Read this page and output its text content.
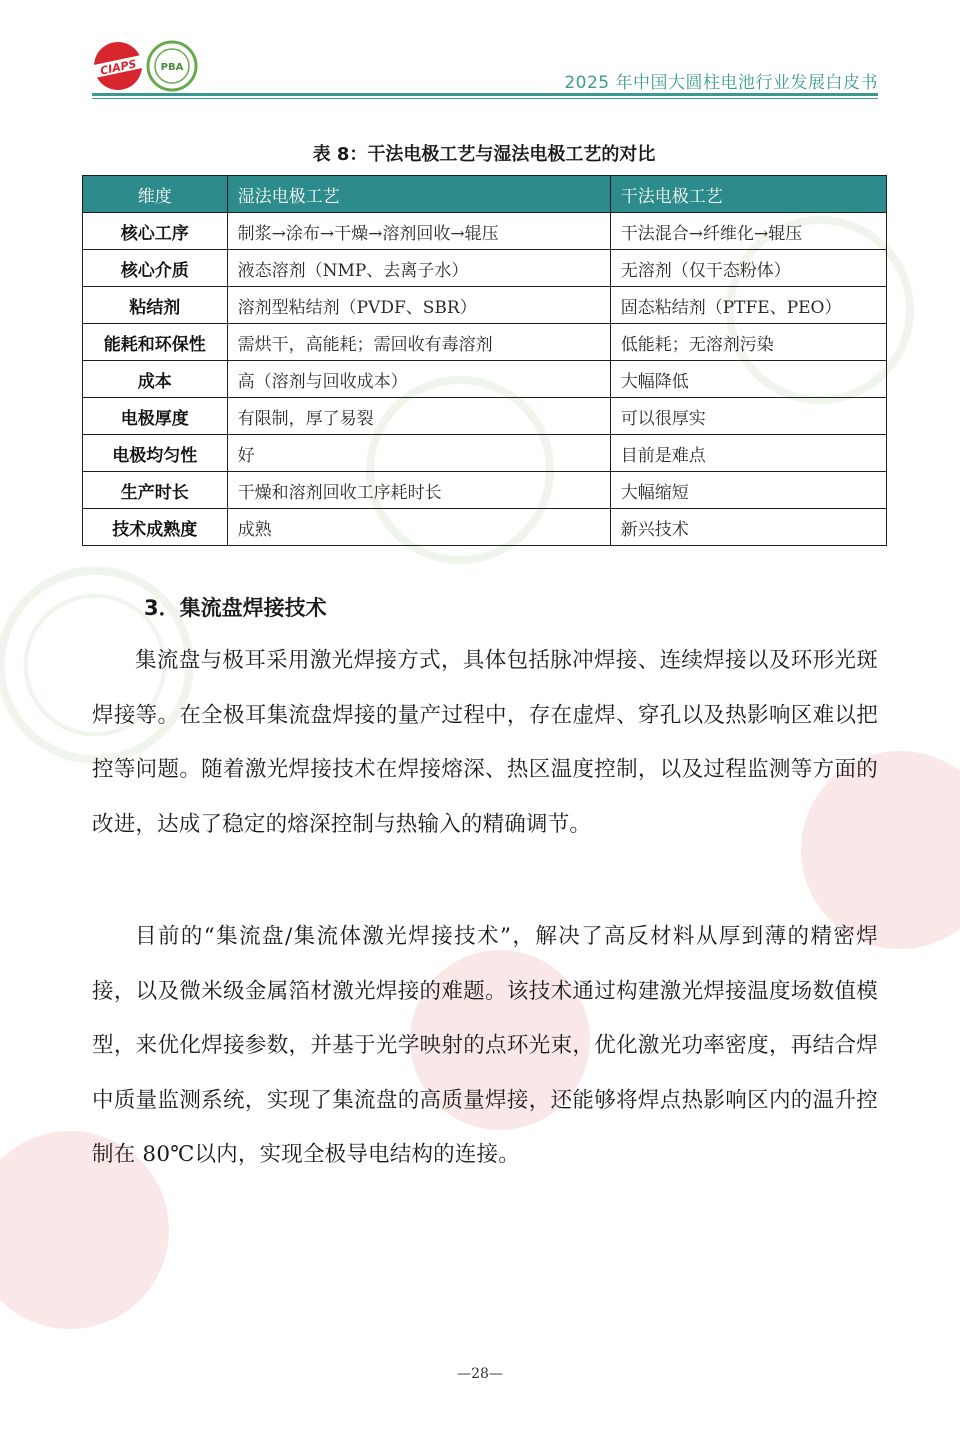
CIAPS PBA
2025 年中国大圆柱电池行业发展白皮书
表 8：干法电极工艺与湿法电极工艺的对比
维度	湿法电极工艺	干法电极工艺
核心工序	制浆→涂布→干燥→溶剂回收→辊压	干法混合→纤维化→辊压
核心介质	液态溶剂（NMP、去离子水）	无溶剂（仅干态粉体）
粘结剂	溶剂型粘结剂（PVDF、SBR）	固态粘结剂（PTFE、PEO）
能耗和环保性	需烘干，高能耗；需回收有毒溶剂	低能耗；无溶剂污染
成本	高（溶剂与回收成本）	大幅降低
电极厚度	有限制，厚了易裂	可以很厚实
电极均匀性	好	目前是难点
生产时长	干燥和溶剂回收工序耗时长	大幅缩短
技术成熟度	成熟	新兴技术
3．集流盘焊接技术

集流盘与极耳采用激光焊接方式，具体包括脉冲焊接、连续焊接以及环形光斑焊接等。在全极耳集流盘焊接的量产过程中，存在虚焊、穿孔以及热影响区难以把控等问题。随着激光焊接技术在焊接熔深、热区温度控制，以及过程监测等方面的改进，达成了稳定的熔深控制与热输入的精确调节。

目前的“集流盘/集流体激光焊接技术”，解决了高反材料从厚到薄的精密焊接，以及微米级金属箔材激光焊接的难题。该技术通过构建激光焊接温度场数值模型，来优化焊接参数，并基于光学映射的点环光束，优化激光功率密度，再结合焊中质量监测系统，实现了集流盘的高质量焊接，还能够将焊点热影响区内的温升控制在 80℃以内，实现全极导电结构的连接。

—28—
